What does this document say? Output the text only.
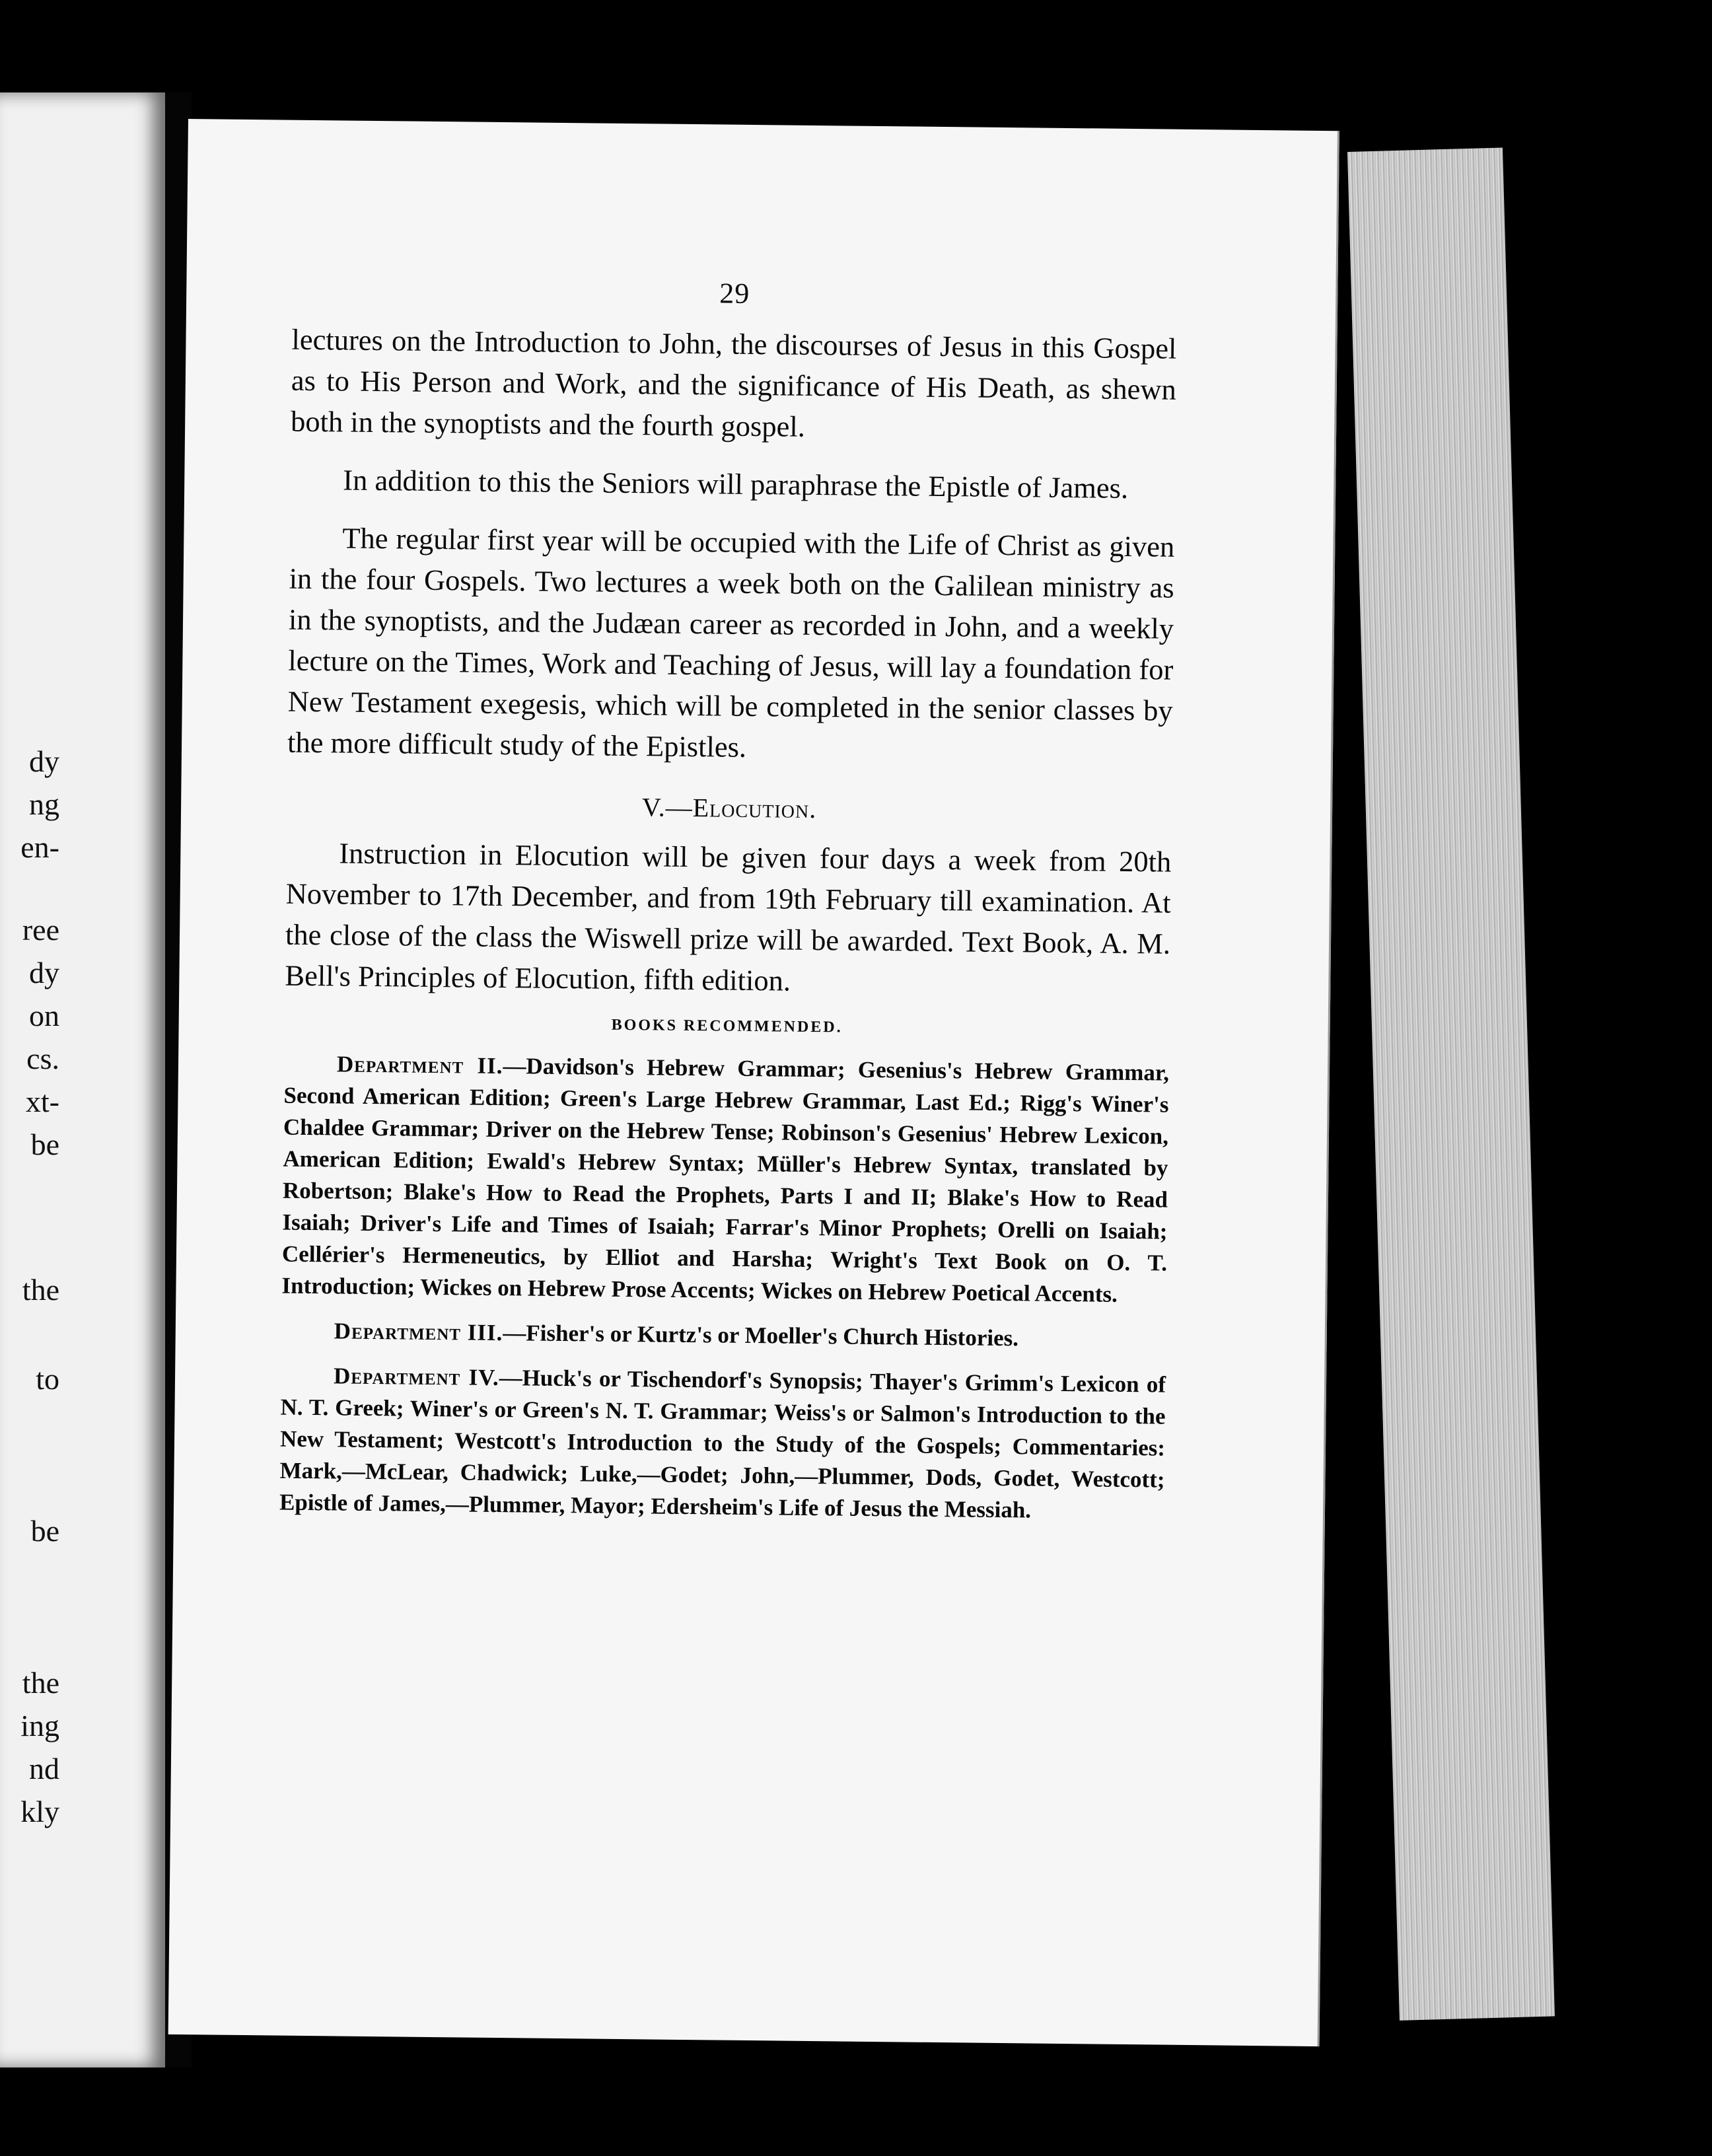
dy
ng
en-
ree
dy
on
cs.
xt-
be
the
to
be
the
ing
nd
kly
29

lectures on the Introduction to John, the discourses of Jesus in this Gospel as to His Person and Work, and the significance of His Death, as shewn both in the synoptists and the fourth gospel.

In addition to this the Seniors will paraphrase the Epistle of James.

The regular first year will be occupied with the Life of Christ as given in the four Gospels. Two lectures a week both on the Galilean ministry as in the synoptists, and the Judæan career as recorded in John, and a weekly lecture on the Times, Work and Teaching of Jesus, will lay a foundation for New Testament exegesis, which will be completed in the senior classes by the more difficult study of the Epistles.

V.—Elocution.

Instruction in Elocution will be given four days a week from 20th November to 17th December, and from 19th February till examination. At the close of the class the Wiswell prize will be awarded. Text Book, A. M. Bell's Principles of Elocution, fifth edition.

BOOKS RECOMMENDED.

Department II.—Davidson's Hebrew Grammar; Gesenius's Hebrew Grammar, Second American Edition; Green's Large Hebrew Grammar, Last Ed.; Rigg's Winer's Chaldee Grammar; Driver on the Hebrew Tense; Robinson's Gesenius' Hebrew Lexicon, American Edition; Ewald's Hebrew Syntax; Müller's Hebrew Syntax, translated by Robertson; Blake's How to Read the Prophets, Parts I and II; Blake's How to Read Isaiah; Driver's Life and Times of Isaiah; Farrar's Minor Prophets; Orelli on Isaiah; Cellérier's Hermeneutics, by Elliot and Harsha; Wright's Text Book on O. T. Introduction; Wickes on Hebrew Prose Accents; Wickes on Hebrew Poetical Accents.

Department III.—Fisher's or Kurtz's or Moeller's Church Histories.

Department IV.—Huck's or Tischendorf's Synopsis; Thayer's Grimm's Lexicon of N. T. Greek; Winer's or Green's N. T. Grammar; Weiss's or Salmon's Introduction to the New Testament; Westcott's Introduction to the Study of the Gospels; Commentaries: Mark,—McLear, Chadwick; Luke,—Godet; John,—Plummer, Dods, Godet, Westcott; Epistle of James,—Plummer, Mayor; Edersheim's Life of Jesus the Messiah.
